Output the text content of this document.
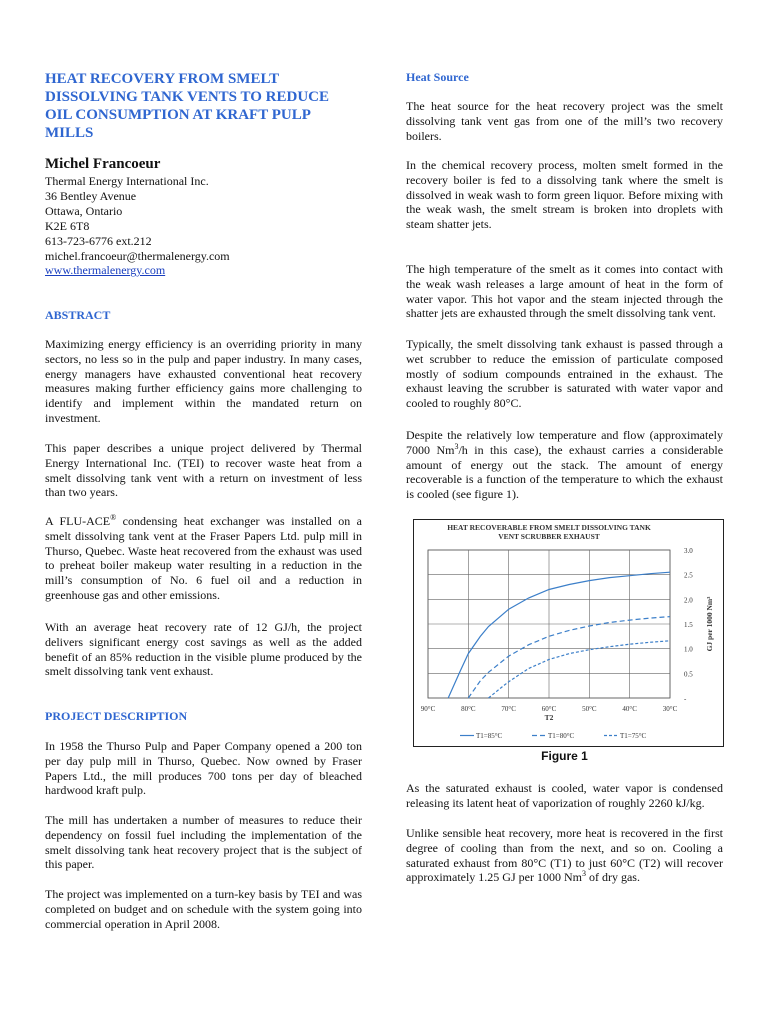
HEAT RECOVERY FROM SMELT DISSOLVING TANK VENTS TO REDUCE OIL CONSUMPTION AT KRAFT PULP MILLS
Michel Francoeur
Thermal Energy International Inc.
36 Bentley Avenue
Ottawa, Ontario
K2E 6T8
613-723-6776 ext.212
michel.francoeur@thermalenergy.com
www.thermalenergy.com
ABSTRACT
Maximizing energy efficiency is an overriding priority in many sectors, no less so in the pulp and paper industry. In many cases, energy managers have exhausted conventional heat recovery measures making further efficiency gains more challenging to identify and implement within the mandated return on investment.
This paper describes a unique project delivered by Thermal Energy International Inc. (TEI) to recover waste heat from a smelt dissolving tank vent with a return on investment of less than two years.
A FLU-ACE® condensing heat exchanger was installed on a smelt dissolving tank vent at the Fraser Papers Ltd. pulp mill in Thurso, Quebec. Waste heat recovered from the exhaust was used to preheat boiler makeup water resulting in a reduction in the mill’s consumption of No. 6 fuel oil and a reduction in greenhouse gas and other emissions.
With an average heat recovery rate of 12 GJ/h, the project delivers significant energy cost savings as well as the added benefit of an 85% reduction in the visible plume produced by the smelt dissolving tank vent exhaust.
PROJECT DESCRIPTION
In 1958 the Thurso Pulp and Paper Company opened a 200 ton per day pulp mill in Thurso, Quebec. Now owned by Fraser Papers Ltd., the mill produces 700 tons per day of bleached hardwood kraft pulp.
The mill has undertaken a number of measures to reduce their dependency on fossil fuel including the implementation of the smelt dissolving tank heat recovery project that is the subject of this paper.
The project was implemented on a turn-key basis by TEI and was completed on budget and on schedule with the system going into commercial operation in April 2008.
Heat Source
The heat source for the heat recovery project was the smelt dissolving tank vent gas from one of the mill’s two recovery boilers.
In the chemical recovery process, molten smelt formed in the recovery boiler is fed to a dissolving tank where the smelt is dissolved in weak wash to form green liquor. Before mixing with the weak wash, the smelt stream is broken into droplets with steam shatter jets.
The high temperature of the smelt as it comes into contact with the weak wash releases a large amount of heat in the form of water vapor. This hot vapor and the steam injected through the shatter jets are exhausted through the smelt dissolving tank vent.
Typically, the smelt dissolving tank exhaust is passed through a wet scrubber to reduce the emission of particulate composed mostly of sodium compounds entrained in the exhaust. The exhaust leaving the scrubber is saturated with water vapor and cooled to roughly 80°C.
Despite the relatively low temperature and flow (approximately 7000 Nm$^3$/h in this case), the exhaust carries a considerable amount of energy out the stack. The amount of energy recoverable is a function of the temperature to which the exhaust is cooled (see figure 1).
HEAT RECOVERABLE FROM SMELT DISSOLVING TANK
VENT SCRUBBER EXHAUST
90°C	80°C	70°C	60°C	50°C	40°C	30°C
3.0
2.5
2.0
1.5
1.0
0.5
-
T2
GJ per 1000 Nm³
T1=85°C	T1=80°C	T1=75°C
Figure 1
As the saturated exhaust is cooled, water vapor is condensed releasing its latent heat of vaporization of roughly 2260 kJ/kg.
Unlike sensible heat recovery, more heat is recovered in the first degree of cooling than from the next, and so on. Cooling a saturated exhaust from 80°C (T1) to just 60°C (T2) will recover approximately 1.25 GJ per 1000 Nm$^3$ of dry gas.
